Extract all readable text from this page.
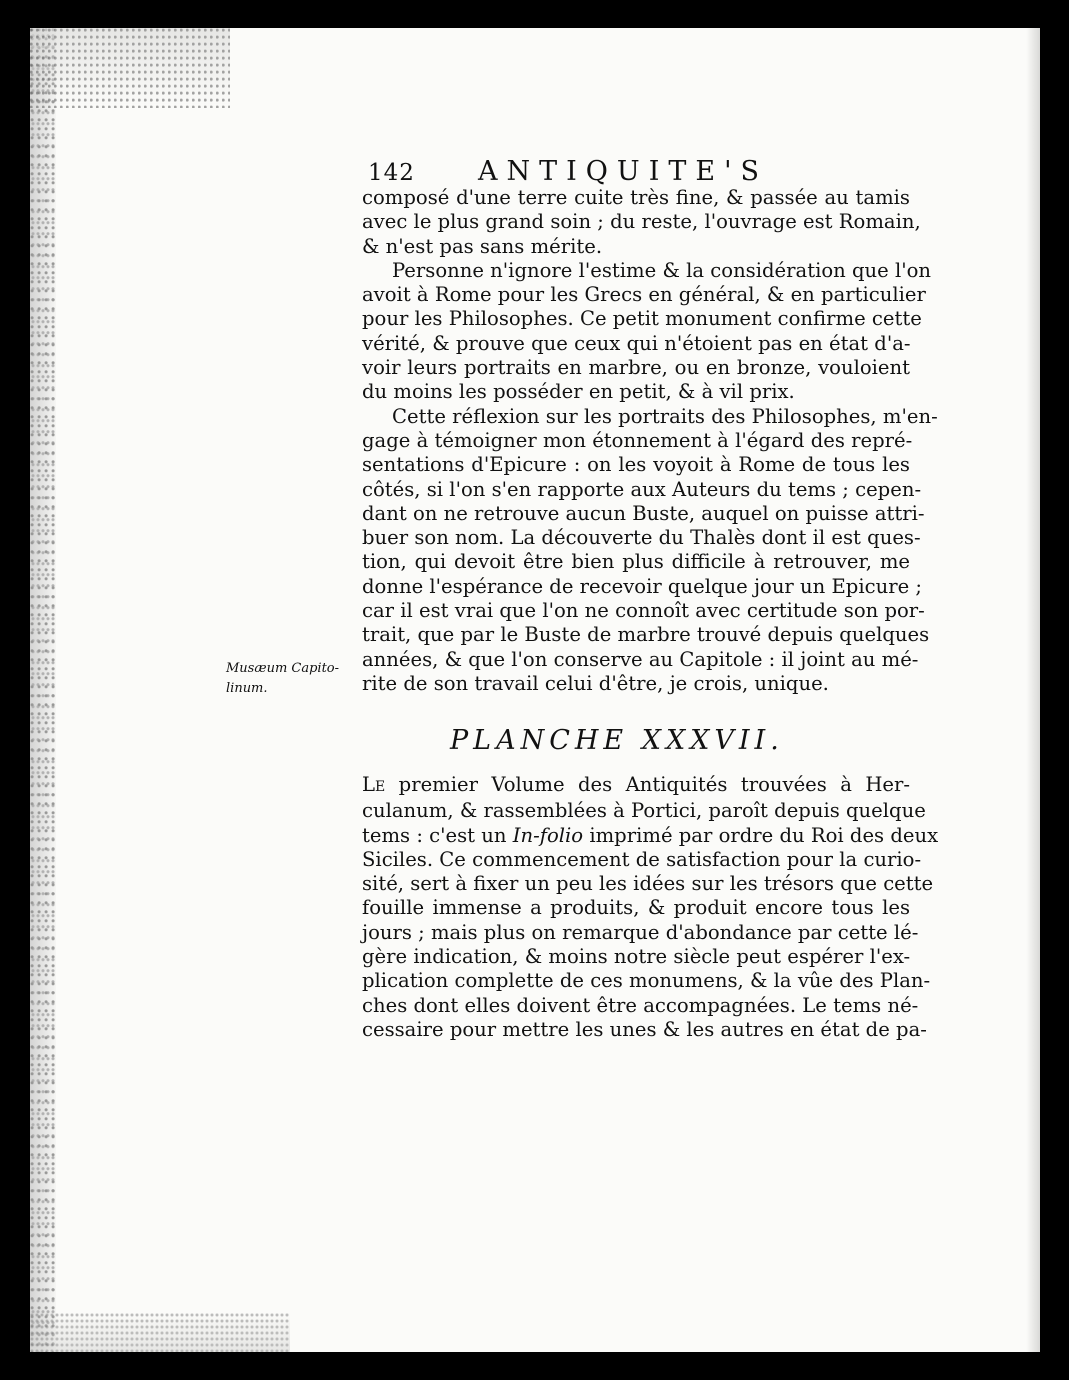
142 ANTIQUITE'S
composé d'une terre cuite très fine, & passée au tamis
avec le plus grand soin ; du reste, l'ouvrage est Romain,
& n'est pas sans mérite.
Personne n'ignore l'estime & la considération que l'on
avoit à Rome pour les Grecs en général, & en particulier
pour les Philosophes. Ce petit monument confirme cette
vérité, & prouve que ceux qui n'étoient pas en état d'a-
voir leurs portraits en marbre, ou en bronze, vouloient
du moins les posséder en petit, & à vil prix.
Cette réflexion sur les portraits des Philosophes, m'en-
gage à témoigner mon étonnement à l'égard des repré-
sentations d'Epicure : on les voyoit à Rome de tous les
côtés, si l'on s'en rapporte aux Auteurs du tems ; cepen-
dant on ne retrouve aucun Buste, auquel on puisse attri-
buer son nom. La découverte du Thalès dont il est ques-
tion, qui devoit être bien plus difficile à retrouver, me
donne l'espérance de recevoir quelque jour un Epicure ;
car il est vrai que l'on ne connoît avec certitude son por-
trait, que par le Buste de marbre trouvé depuis quelques
années, & que l'on conserve au Capitole : il joint au mé-
rite de son travail celui d'être, je crois, unique.
Musæum Capito-
linum.
PLANCHE XXXVII.
LE premier Volume des Antiquités trouvées à Her-
culanum, & rassemblées à Portici, paroît depuis quelque
tems : c'est un In-folio imprimé par ordre du Roi des deux
Siciles. Ce commencement de satisfaction pour la curio-
sité, sert à fixer un peu les idées sur les trésors que cette
fouille immense a produits, & produit encore tous les
jours ; mais plus on remarque d'abondance par cette lé-
gère indication, & moins notre siècle peut espérer l'ex-
plication complette de ces monumens, & la vûe des Plan-
ches dont elles doivent être accompagnées. Le tems né-
cessaire pour mettre les unes & les autres en état de pa-
